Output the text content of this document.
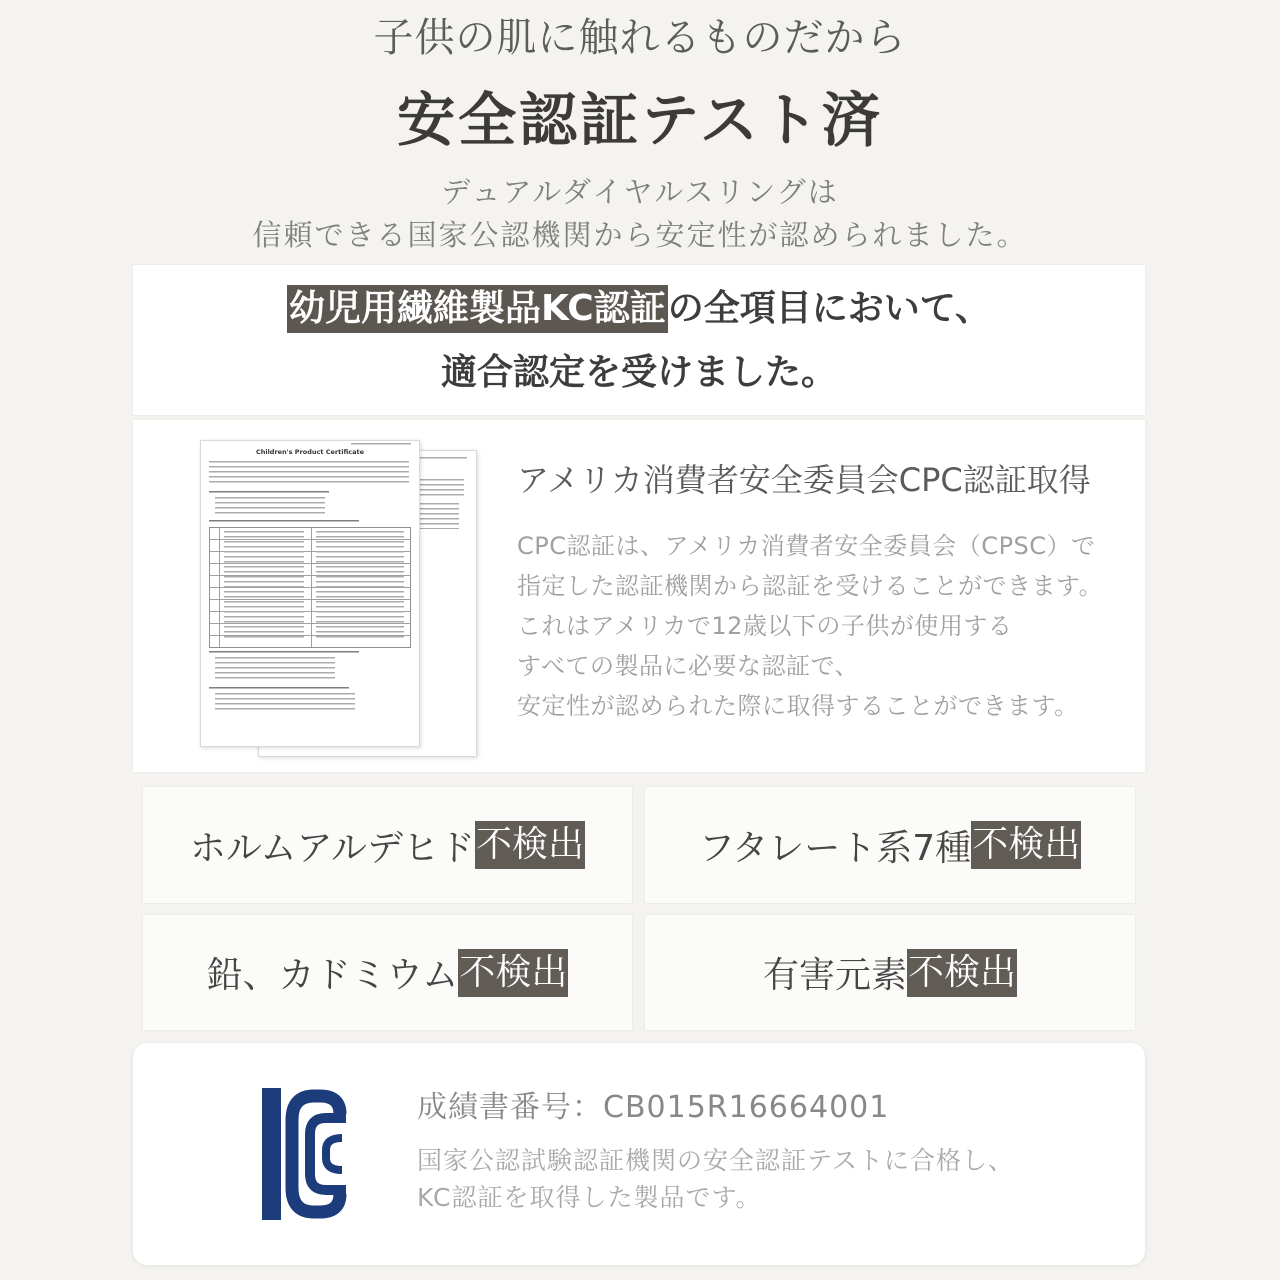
子供の肌に触れるものだから
安全認証テスト済
デュアルダイヤルスリングは
信頼できる国家公認機関から安定性が認められました。
幼児用繊維製品KC認証の全項目において、
適合認定を受けました。
Children's Product Certificate
アメリカ消費者安全委員会CPC認証取得
CPC認証は、アメリカ消費者安全委員会（CPSC）で
指定した認証機関から認証を受けることができます。
これはアメリカで12歳以下の子供が使用する
すべての製品に必要な認証で、
安定性が認められた際に取得することができます。
ホルムアルデヒド 不検出	フタレート系7種 不検出
鉛、カドミウム 不検出	有害元素 不検出
成績書番号：CB015R16664001
国家公認試験認証機関の安全認証テストに合格し、
KC認証を取得した製品です。
